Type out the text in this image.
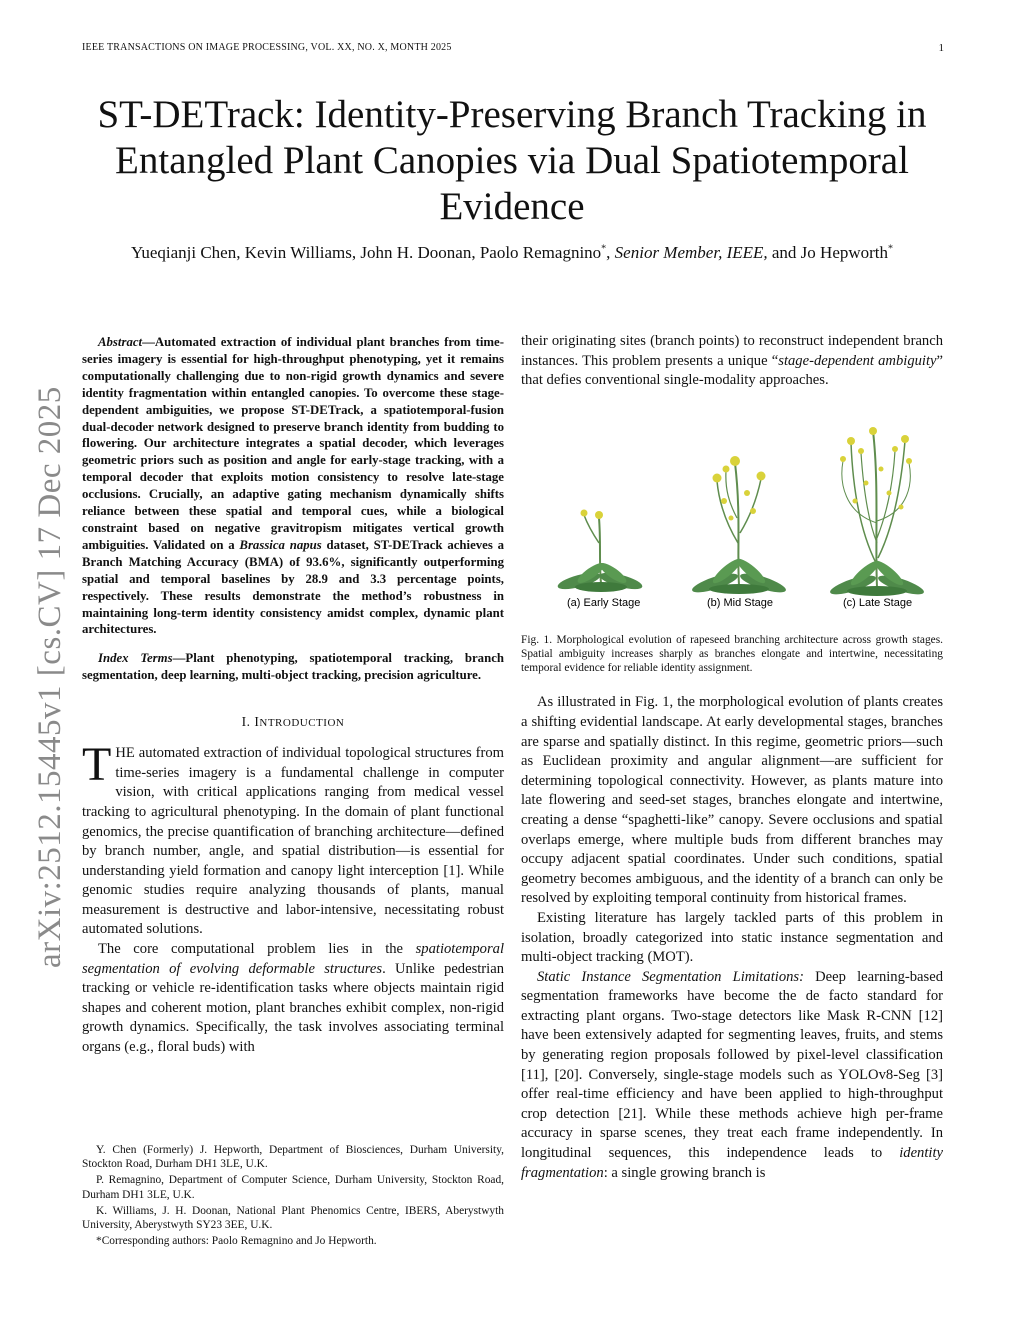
IEEE TRANSACTIONS ON IMAGE PROCESSING, VOL. XX, NO. X, MONTH 2025	1
arXiv:2512.15445v1 [cs.CV] 17 Dec 2025
ST-DETrack: Identity-Preserving Branch Tracking in Entangled Plant Canopies via Dual Spatiotemporal Evidence
Yueqianji Chen, Kevin Williams, John H. Doonan, Paolo Remagnino*, Senior Member, IEEE, and Jo Hepworth*

Abstract—Automated extraction of individual plant branches from time-series imagery is essential for high-throughput phenotyping, yet it remains computationally challenging due to non-rigid growth dynamics and severe identity fragmentation within entangled canopies. To overcome these stage-dependent ambiguities, we propose ST-DETrack, a spatiotemporal-fusion dual-decoder network designed to preserve branch identity from budding to flowering. Our architecture integrates a spatial decoder, which leverages geometric priors such as position and angle for early-stage tracking, with a temporal decoder that exploits motion consistency to resolve late-stage occlusions. Crucially, an adaptive gating mechanism dynamically shifts reliance between these spatial and temporal cues, while a biological constraint based on negative gravitropism mitigates vertical growth ambiguities. Validated on a Brassica napus dataset, ST-DETrack achieves a Branch Matching Accuracy (BMA) of 93.6%, significantly outperforming spatial and temporal baselines by 28.9 and 3.3 percentage points, respectively. These results demonstrate the method’s robustness in maintaining long-term identity consistency amidst complex, dynamic plant architectures.

Index Terms—Plant phenotyping, spatiotemporal tracking, branch segmentation, deep learning, multi-object tracking, precision agriculture.

I. INTRODUCTION

THE automated extraction of individual topological structures from time-series imagery is a fundamental challenge in computer vision, with critical applications ranging from medical vessel tracking to agricultural phenotyping. In the domain of plant functional genomics, the precise quantification of branching architecture—defined by branch number, angle, and spatial distribution—is essential for understanding yield formation and canopy light interception [1]. While genomic studies require analyzing thousands of plants, manual measurement is destructive and labor-intensive, necessitating robust automated solutions.

The core computational problem lies in the spatiotemporal segmentation of evolving deformable structures. Unlike pedestrian tracking or vehicle re-identification tasks where objects maintain rigid shapes and coherent motion, plant branches exhibit complex, non-rigid growth dynamics. Specifically, the task involves associating terminal organs (e.g., floral buds) with

Y. Chen (Formerly) J. Hepworth, Department of Biosciences, Durham University, Stockton Road, Durham DH1 3LE, U.K.

P. Remagnino, Department of Computer Science, Durham University, Stockton Road, Durham DH1 3LE, U.K.

K. Williams, J. H. Doonan, National Plant Phenomics Centre, IBERS, Aberystwyth University, Aberystwyth SY23 3EE, U.K.

*Corresponding authors: Paolo Remagnino and Jo Hepworth.

their originating sites (branch points) to reconstruct independent branch instances. This problem presents a unique “stage-dependent ambiguity” that defies conventional single-modality approaches.

(a) Early Stage	(b) Mid Stage	(c) Late Stage

Fig. 1. Morphological evolution of rapeseed branching architecture across growth stages. Spatial ambiguity increases sharply as branches elongate and intertwine, necessitating temporal evidence for reliable identity assignment.

As illustrated in Fig. 1, the morphological evolution of plants creates a shifting evidential landscape. At early developmental stages, branches are sparse and spatially distinct. In this regime, geometric priors—such as Euclidean proximity and angular alignment—are sufficient for determining topological connectivity. However, as plants mature into late flowering and seed-set stages, branches elongate and intertwine, creating a dense “spaghetti-like” canopy. Severe occlusions and spatial overlaps emerge, where multiple buds from different branches may occupy adjacent spatial coordinates. Under such conditions, spatial geometry becomes ambiguous, and the identity of a branch can only be resolved by exploiting temporal continuity from historical frames.

Existing literature has largely tackled parts of this problem in isolation, broadly categorized into static instance segmentation and multi-object tracking (MOT).

Static Instance Segmentation Limitations: Deep learning-based segmentation frameworks have become the de facto standard for extracting plant organs. Two-stage detectors like Mask R-CNN [12] have been extensively adapted for segmenting leaves, fruits, and stems by generating region proposals followed by pixel-level classification [11], [20]. Conversely, single-stage models such as YOLOv8-Seg [3] offer real-time efficiency and have been applied to high-throughput crop detection [21]. While these methods achieve high per-frame accuracy in sparse scenes, they treat each frame independently. In longitudinal sequences, this independence leads to identity fragmentation: a single growing branch is
